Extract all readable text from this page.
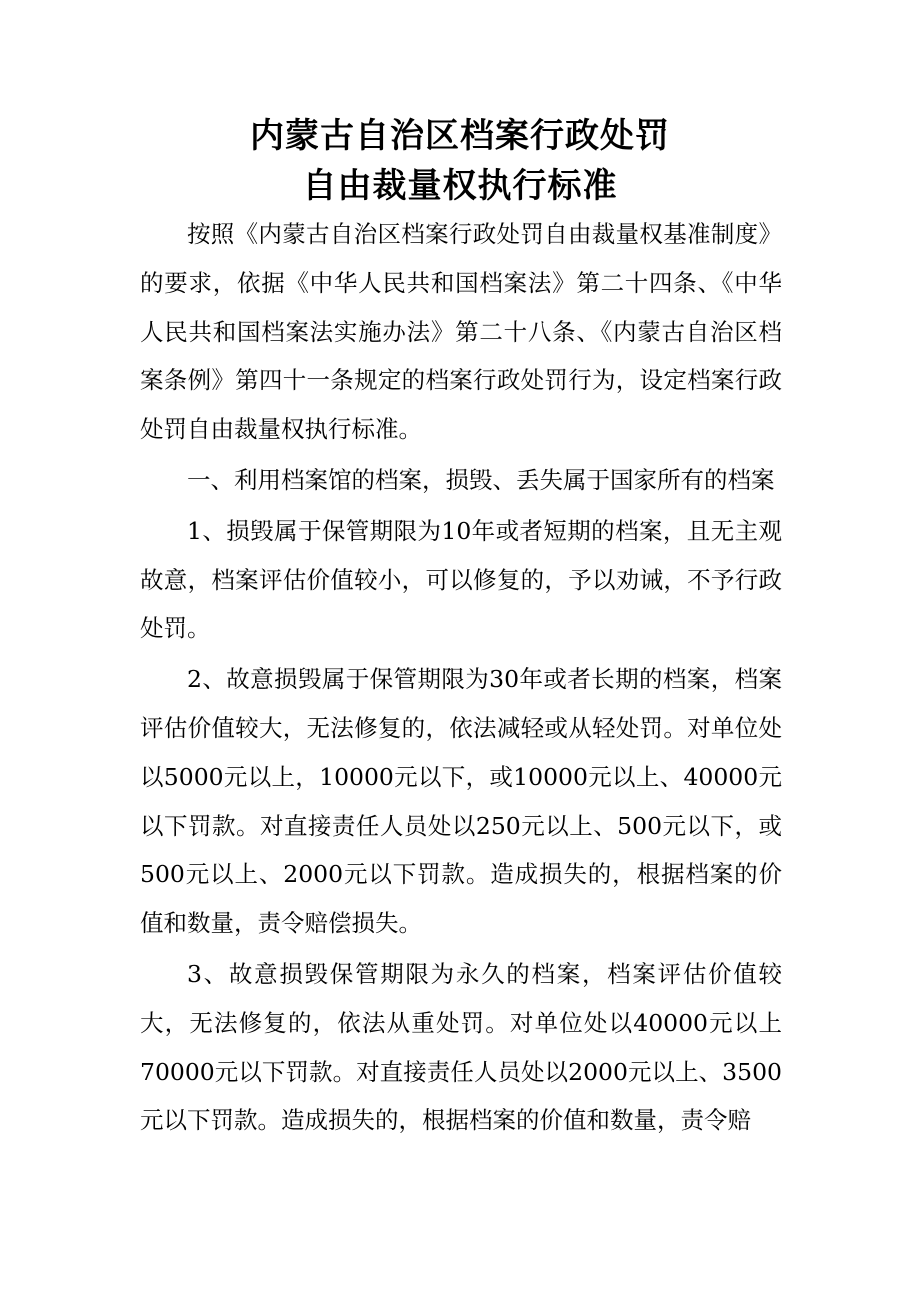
内蒙古自治区档案行政处罚
自由裁量权执行标准

按照《内蒙古自治区档案行政处罚自由裁量权基准制度》的要求，依据《中华人民共和国档案法》第二十四条、《中华人民共和国档案法实施办法》第二十八条、《内蒙古自治区档案条例》第四十一条规定的档案行政处罚行为，设定档案行政处罚自由裁量权执行标准。

一、利用档案馆的档案，损毁、丢失属于国家所有的档案

1、损毁属于保管期限为10年或者短期的档案，且无主观故意，档案评估价值较小，可以修复的，予以劝诫，不予行政处罚。

2、故意损毁属于保管期限为30年或者长期的档案，档案评估价值较大，无法修复的，依法减轻或从轻处罚。对单位处以5000元以上，10000元以下，或10000元以上、40000元以下罚款。对直接责任人员处以250元以上、500元以下，或500元以上、2000元以下罚款。造成损失的，根据档案的价值和数量，责令赔偿损失。

3、故意损毁保管期限为永久的档案，档案评估价值较大，无法修复的，依法从重处罚。对单位处以40000元以上70000元以下罚款。对直接责任人员处以2000元以上、3500元以下罚款。造成损失的，根据档案的价值和数量，责令赔
